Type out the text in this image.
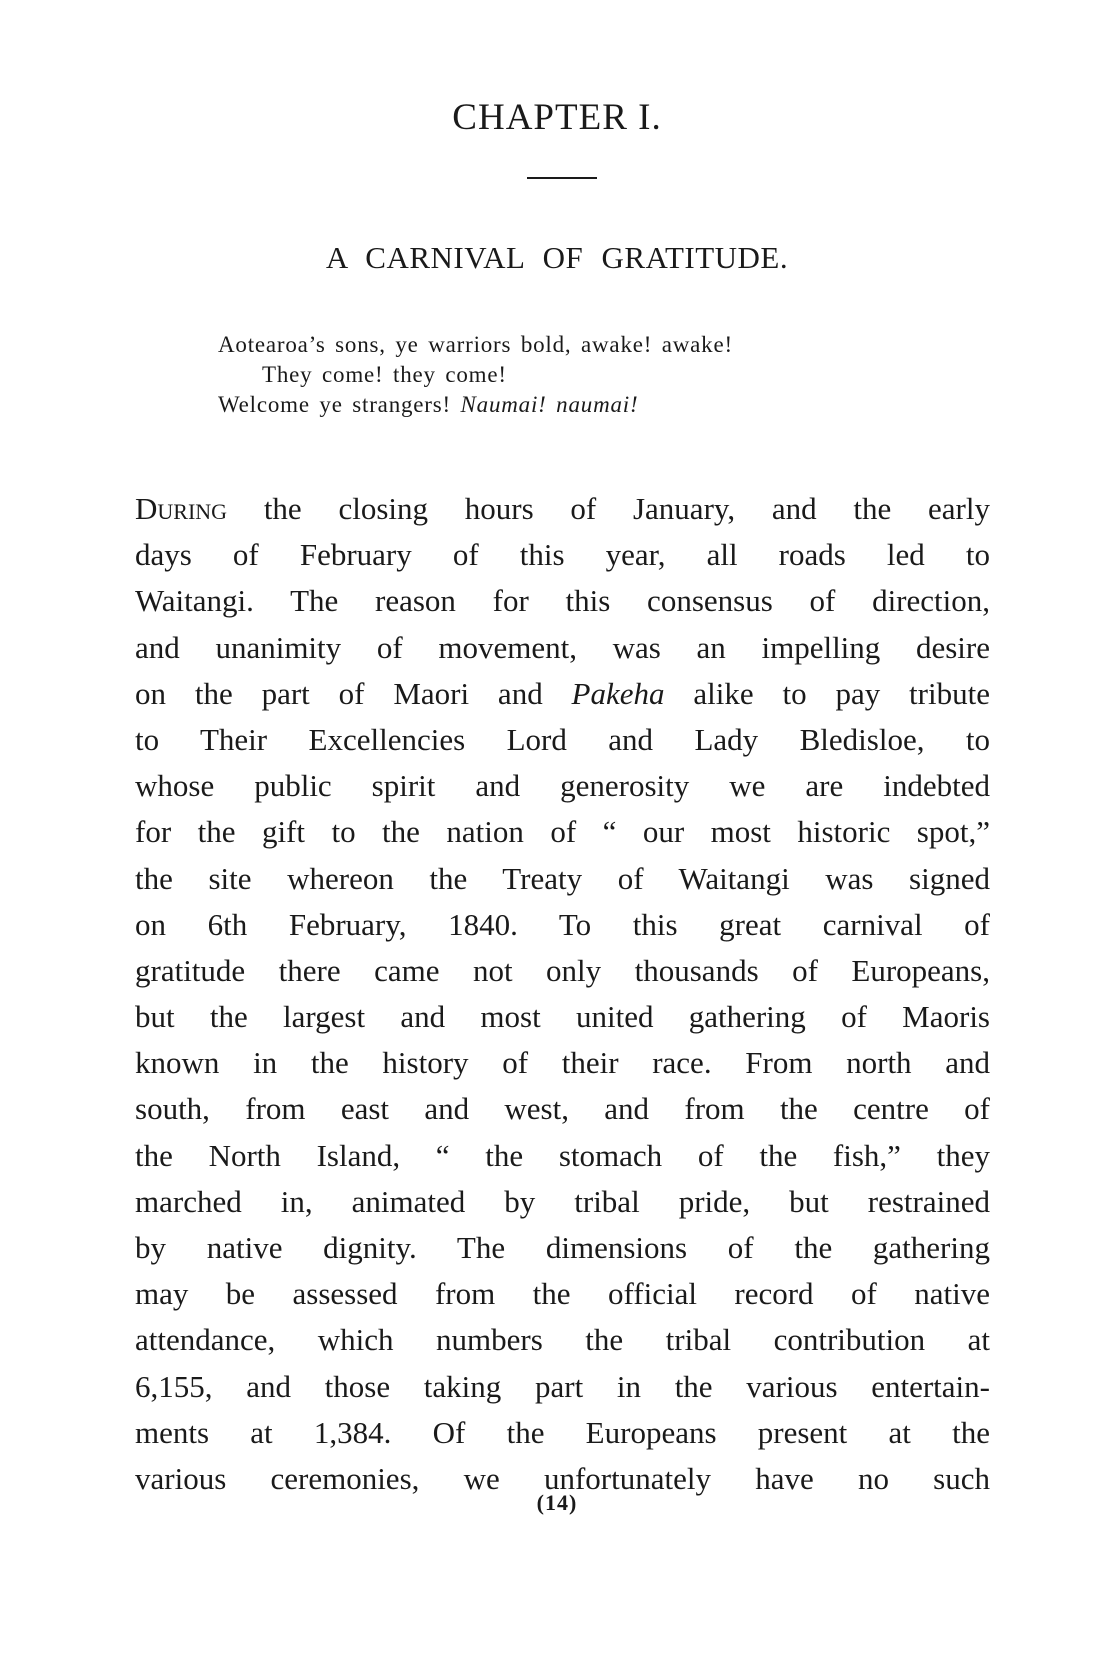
CHAPTER I.
A CARNIVAL OF GRATITUDE.
Aotearoa’s sons, ye warriors bold, awake! awake!
They come! they come!
Welcome ye strangers! Naumai! naumai!
During the closing hours of January, and the early
days of February of this year, all roads led to
Waitangi. The reason for this consensus of direction,
and unanimity of movement, was an impelling desire
on the part of Maori and Pakeha alike to pay tribute
to Their Excellencies Lord and Lady Bledisloe, to
whose public spirit and generosity we are indebted
for the gift to the nation of “ our most historic spot,”
the site whereon the Treaty of Waitangi was signed
on 6th February, 1840. To this great carnival of
gratitude there came not only thousands of Europeans,
but the largest and most united gathering of Maoris
known in the history of their race. From north and
south, from east and west, and from the centre of
the North Island, “ the stomach of the fish,” they
marched in, animated by tribal pride, but restrained
by native dignity. The dimensions of the gathering
may be assessed from the official record of native
attendance, which numbers the tribal contribution at
6,155, and those taking part in the various entertain-
ments at 1,384. Of the Europeans present at the
various ceremonies, we unfortunately have no such
(14)
